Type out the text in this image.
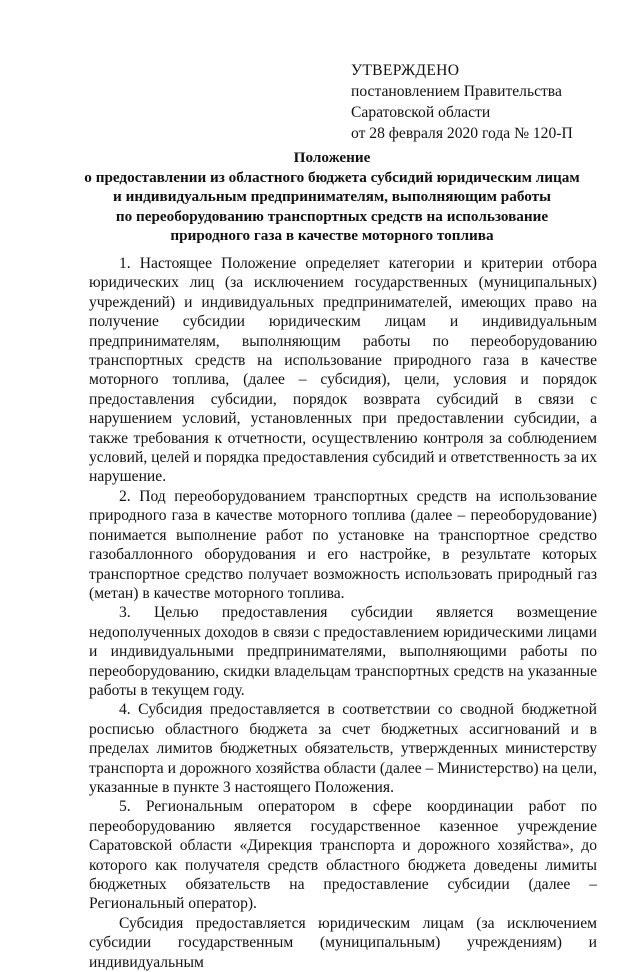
УТВЕРЖДЕНО
постановлением Правительства
Саратовской области
от 28 февраля 2020 года № 120-П
Положение
о предоставлении из областного бюджета субсидий юридическим лицам
и индивидуальным предпринимателям, выполняющим работы
по переоборудованию транспортных средств на использование
природного газа в качестве моторного топлива

1. Настоящее Положение определяет категории и критерии отбора юридических лиц (за исключением государственных (муниципальных) учреждений) и индивидуальных предпринимателей, имеющих право на получение субсидии юридическим лицам и индивидуальным предпринимателям, выполняющим работы по переоборудованию транспортных средств на использование природного газа в качестве моторного топлива, (далее – субсидия), цели, условия и порядок предоставления субсидии, порядок возврата субсидий в связи с нарушением условий, установленных при предоставлении субсидии, а также требования к отчетности, осуществлению контроля за соблюдением условий, целей и порядка предоставления субсидий и ответственность за их нарушение.

2. Под переоборудованием транспортных средств на использование природного газа в качестве моторного топлива (далее – переоборудование) понимается выполнение работ по установке на транспортное средство газобаллонного оборудования и его настройке, в результате которых транспортное средство получает возможность использовать природный газ (метан) в качестве моторного топлива.

3. Целью предоставления субсидии является возмещение недополученных доходов в связи с предоставлением юридическими лицами и индивидуальными предпринимателями, выполняющими работы по переоборудованию, скидки владельцам транспортных средств на указанные работы в текущем году.

4. Субсидия предоставляется в соответствии со сводной бюджетной росписью областного бюджета за счет бюджетных ассигнований и в пределах лимитов бюджетных обязательств, утвержденных министерству транспорта и дорожного хозяйства области (далее – Министерство) на цели, указанные в пункте 3 настоящего Положения.

5. Региональным оператором в сфере координации работ по переоборудованию является государственное казенное учреждение Саратовской области «Дирекция транспорта и дорожного хозяйства», до которого как получателя средств областного бюджета доведены лимиты бюджетных обязательств на предоставление субсидии (далее – Региональный оператор).

Субсидия предоставляется юридическим лицам (за исключением субсидии государственным (муниципальным) учреждениям) и индивидуальным
